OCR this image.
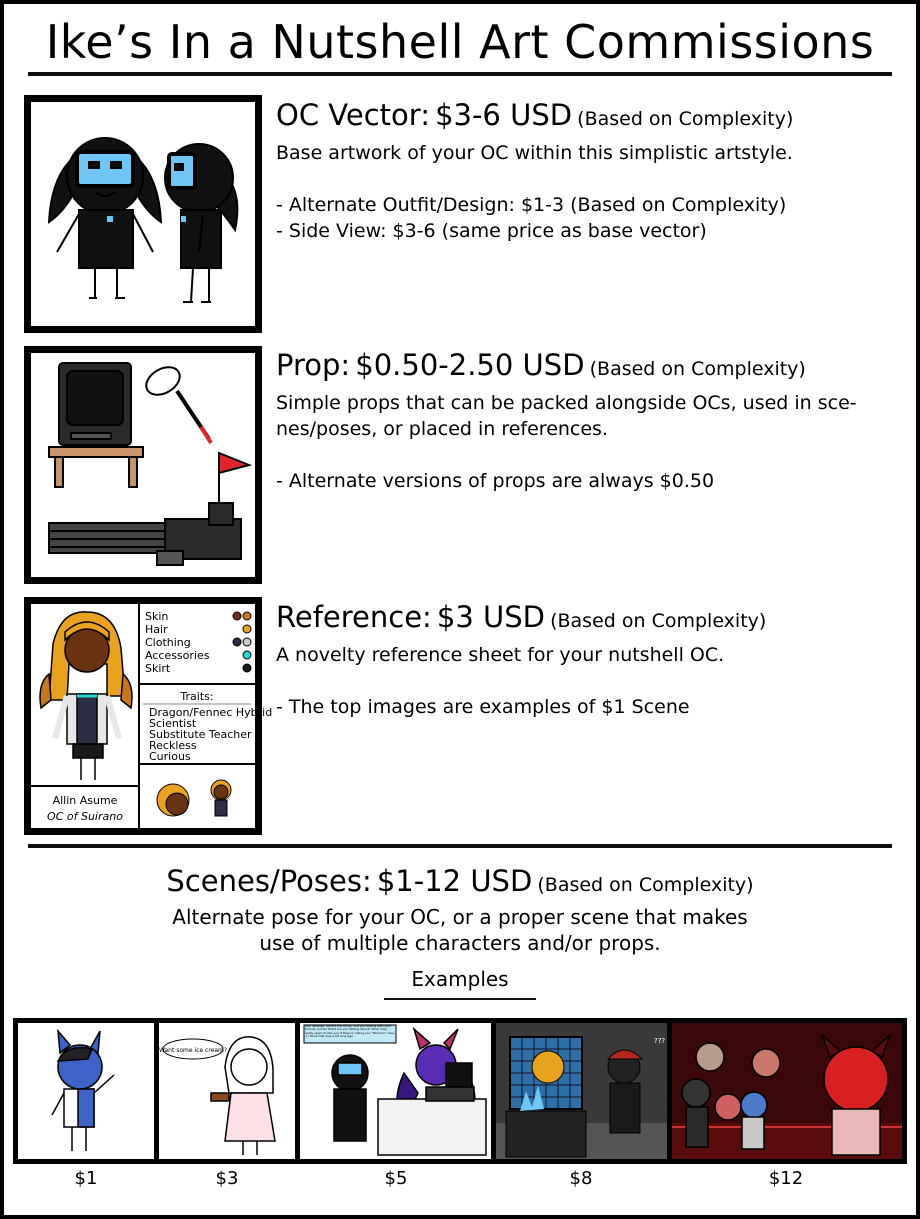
Ike’s In a Nutshell Art Commissions
OC Vector: $3-6 USD (Based on Complexity)
Base artwork of your OC within this simplistic artstyle.
- Alternate Outfit/Design: $1-3 (Based on Complexity)
- Side View: $3-6 (same price as base vector)
Prop: $0.50-2.50 USD (Based on Complexity)
Simple props that can be packed alongside OCs, used in sce-
nes/poses, or placed in references.
- Alternate versions of props are always $0.50
Allin Asume
OC of Suirano
Skin
Hair
Clothing
Accessories
Skirt
Traits:
Dragon/Fennec Hybrid
Scientist
Substitute Teacher
Reckless
Curious
Reference: $3 USD (Based on Complexity)
A novelty reference sheet for your nutshell OC.
- The top images are examples of $1 Scene
Scenes/Poses: $1-12 USD (Based on Complexity)
Alternate pose for your OC, or a proper scene that makes
use of multiple characters and/or props.
Examples
Want some ice cream?
Hey Vanessa. What's the thing? Are you talking with your friends online? What are you talking about? Wow, they really seem to like you if they're calling you "Mommy" okay :) I think that was a bit long ago.
???
$1	$3	$5	$8	$12
